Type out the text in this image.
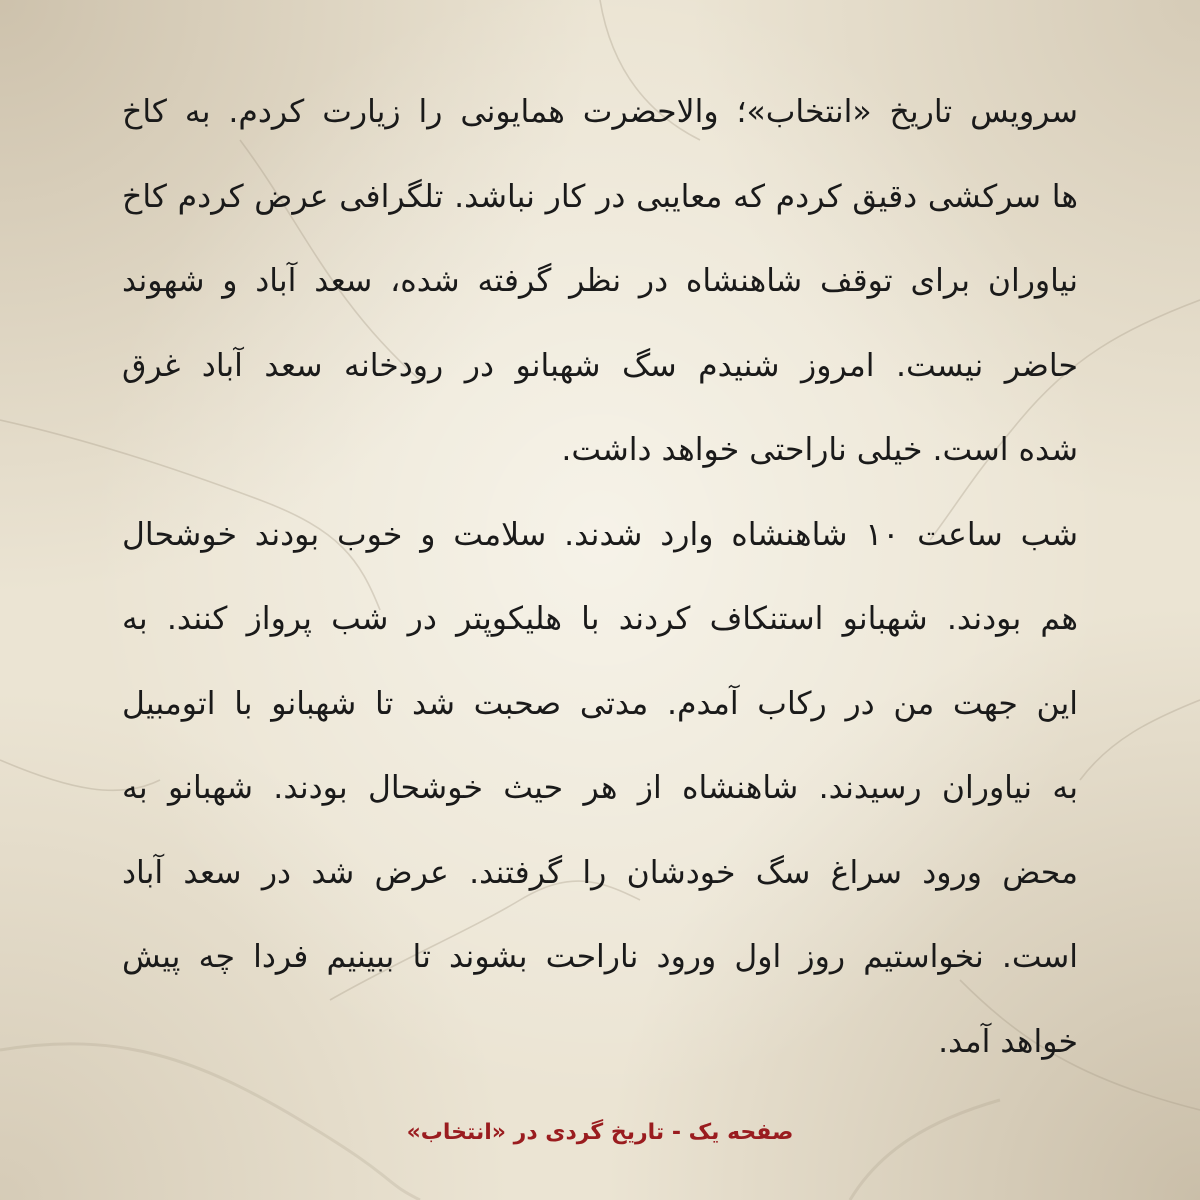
سرویس تاریخ «انتخاب»؛ والاحضرت همایونی را زیارت کردم. به کاخ
ها سرکشی دقیق کردم که معایبی در کار نباشد. تلگرافی عرض کردم کاخ
نیاوران برای توقف شاهنشاه در نظر گرفته شده، سعد آباد و شهوند
حاضر نیست. امروز شنیدم سگ شهبانو در رودخانه سعد آباد غرق
شده است. خیلی ناراحتی خواهد داشت.
شب ساعت ۱۰ شاهنشاه وارد شدند. سلامت و خوب بودند خوشحال
هم بودند. شهبانو استنکاف کردند با هلیکوپتر در شب پرواز کنند. به
این جهت من در رکاب آمدم. مدتی صحبت شد تا شهبانو با اتومبیل
به نیاوران رسیدند. شاهنشاه از هر حیث خوشحال بودند. شهبانو به
محض ورود سراغ سگ خودشان را گرفتند. عرض شد در سعد آباد
است. نخواستیم روز اول ورود ناراحت بشوند تا ببینیم فردا چه پیش
خواهد آمد.
صفحه یک - تاریخ گردی در «انتخاب»
